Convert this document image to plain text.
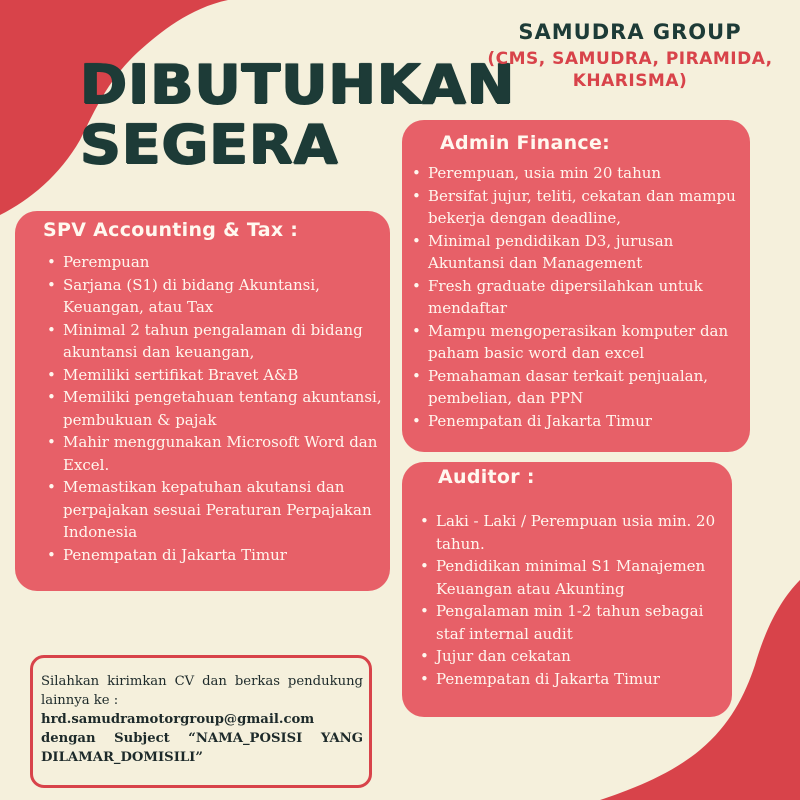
DIBUTUHKAN
SEGERA
SAMUDRA GROUP
(CMS, SAMUDRA, PIRAMIDA,
KHARISMA)
SPV Accounting & Tax :
• Perempuan
• Sarjana (S1) di bidang Akuntansi, Keuangan, atau Tax
• Minimal 2 tahun pengalaman di bidang akuntansi dan keuangan,
• Memiliki sertifikat Bravet A&B
• Memiliki pengetahuan tentang akuntansi, pembukuan & pajak
• Mahir menggunakan Microsoft Word dan Excel.
• Memastikan kepatuhan akutansi dan perpajakan sesuai Peraturan Perpajakan Indonesia
• Penempatan di Jakarta Timur
Admin Finance:
• Perempuan, usia min 20 tahun
• Bersifat jujur, teliti, cekatan dan mampu bekerja dengan deadline,
• Minimal pendidikan D3, jurusan Akuntansi dan Management
• Fresh graduate dipersilahkan untuk mendaftar
• Mampu mengoperasikan komputer dan paham basic word dan excel
• Pemahaman dasar terkait penjualan, pembelian, dan PPN
• Penempatan di Jakarta Timur
Auditor :
• Laki - Laki / Perempuan usia min. 20 tahun.
• Pendidikan minimal S1 Manajemen Keuangan atau Akunting
• Pengalaman min 1-2 tahun sebagai staf internal audit
• Jujur dan cekatan
• Penempatan di Jakarta Timur
Silahkan kirimkan CV dan berkas pendukung lainnya ke :
hrd.samudramotorgroup@gmail.com
dengan Subject “NAMA_POSISI YANG
DILAMAR_DOMISILI”
